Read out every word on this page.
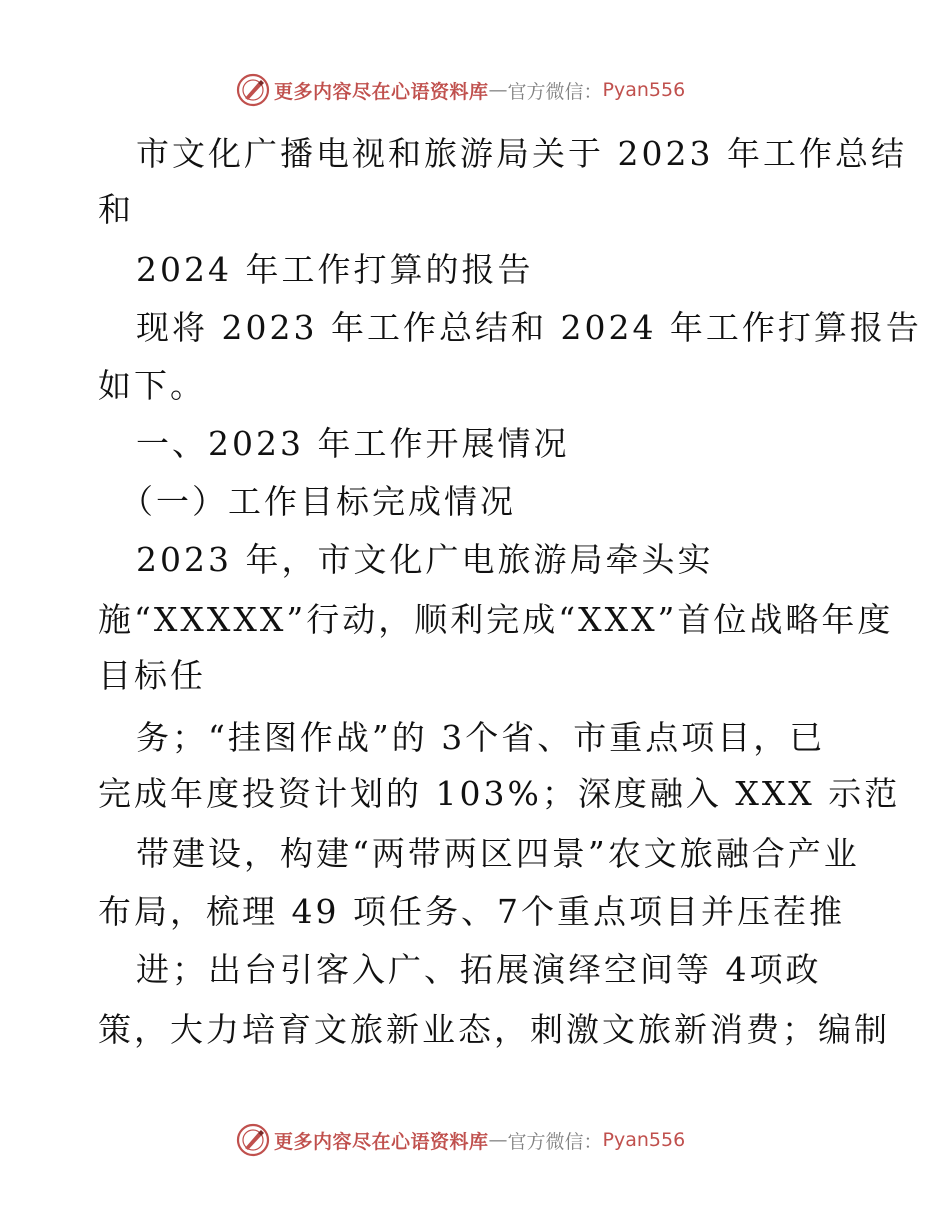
更多内容尽在心语资料库 — 官方微信： Pyan556
市文化广播电视和旅游局关于 2023 年工作总结
和
2024 年工作打算的报告
现将 2023 年工作总结和 2024 年工作打算报告
如下。
一、2023 年工作开展情况
（一）工作目标完成情况
2023 年，市文化广电旅游局牵头实
施“XXXXX”行动，顺利完成“XXX”首位战略年度
目标任
务；“挂图作战”的 3个省、市重点项目，已
完成年度投资计划的 103%；深度融入 XXX 示范
带建设，构建“两带两区四景”农文旅融合产业
布局，梳理 49 项任务、7个重点项目并压茬推
进；出台引客入广、拓展演绎空间等 4项政
策，大力培育文旅新业态，刺激文旅新消费；编制
更多内容尽在心语资料库 — 官方微信： Pyan556
